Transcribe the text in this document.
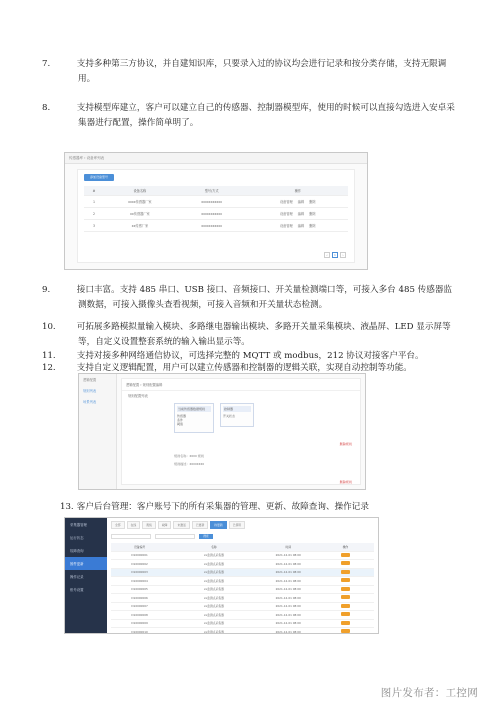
7.	支持多种第三方协议，并自建知识库，只要录入过的协议均会进行记录和按分类存储，支持无限调用。
8.	支持模型库建立，客户可以建立自己的传感器、控制器模型库，使用的时候可以直接勾选进入安卓采集器进行配置，操作简单明了。
传感器库 › 设备库列表
添加设备型号
#	设备名称	型号/方式	操作
1	xxxx传感器厂家	xxxxxxxxxxx	设备管理 编辑 删除
2	xx传感器厂家	xxxxxxxxxxx	设备管理 编辑 删除
3	xx传感厂家	xxxxxxxxxxx	设备管理 编辑 删除
‹	1	›
9.	接口丰富。支持 485 串口、USB 接口、音频接口、开关量检测端口等，可接入多台 485 传感器监测数据，可接入摄像头查看视频，可接入音频和开关量状态检测。
10. 可拓展多路模拟量输入模块、多路继电器输出模块、多路开关量采集模块、液晶屏、LED 显示屏等等，自定义设置整套系统的输入输出显示等。
11. 支持对接多种网络通信协议，可选择完整的 MQTT 或 modbus，212 协议对接客户平台。
12. 支持自定义逻辑配置，用户可以建立传感器和控制器的逻辑关联，实现自动控制等功能。
逻辑配置
规则列表
场景列表
逻辑配置 › 规则配置编辑
规则配置列表
当前传感器数据规则
传感器
条件
阈值
控制器
开关状态
规则名称：xxxx 规则
规则描述：xxxxxxxx
删除规则
删除规则
13. 客户后台管理：客户账号下的所有采集器的管理、更新、故障查询、操作记录
采集器管理
运行状态
故障查询
固件更新
操作记录
账号设置
全部	在线	离线	故障	未激活	已更新	待更新	已停用
搜索
设备编号	名称	时间	操作
D10000001	xx监测点采集器	2021-12-01 08:00
D10000002	xx监测点采集器	2021-12-01 08:00
D10000003	xx监测点采集器	2021-12-01 08:00
D10000004	xx监测点采集器	2021-12-01 08:00
D10000005	xx监测点采集器	2021-12-01 08:00
D10000006	xx监测点采集器	2021-12-01 08:00
D10000007	xx监测点采集器	2021-12-01 08:00
D10000008	xx监测点采集器	2021-12-01 08:00
D10000009	xx监测点采集器	2021-12-01 08:00
D10000010	xx监测点采集器	2021-12-01 08:00
图片发布者：工控网
